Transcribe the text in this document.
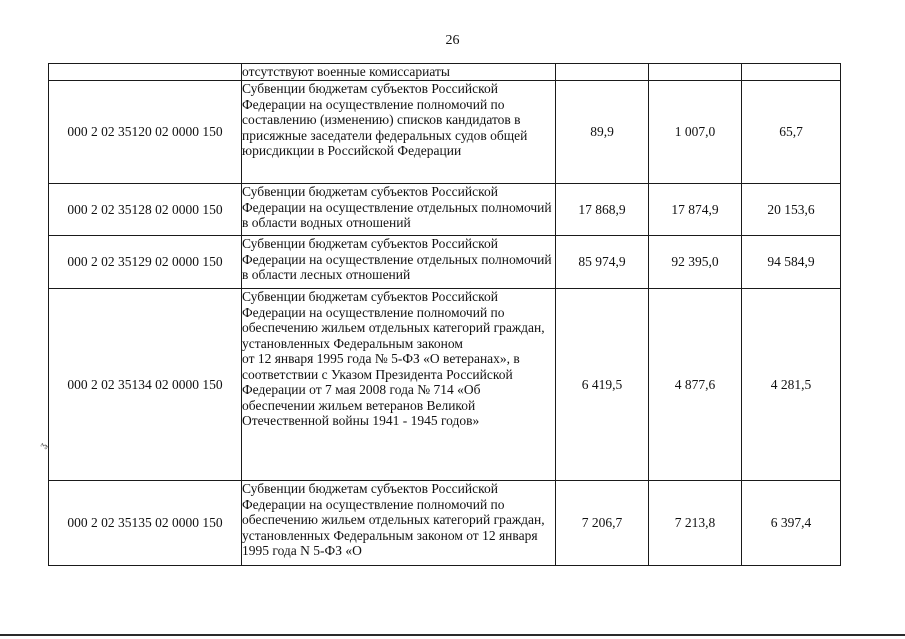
26
	отсутствуют военные комиссариаты			
000 2 02 35120 02 0000 150	Субвенции бюджетам субъектов Российской Федерации на осуществление полномочий по составлению (изменению) списков кандидатов в присяжные заседатели федеральных судов общей юрисдикции в Российской Федерации	89,9	1 007,0	65,7
000 2 02 35128 02 0000 150	Субвенции бюджетам субъектов Российской Федерации на осуществление отдельных полномочий в области водных отношений	17 868,9	17 874,9	20 153,6
000 2 02 35129 02 0000 150	Субвенции бюджетам субъектов Российской Федерации на осуществление отдельных полномочий в области лесных отношений	85 974,9	92 395,0	94 584,9
000 2 02 35134 02 0000 150	Субвенции бюджетам субъектов Российской Федерации на осуществление полномочий по обеспечению жильем отдельных категорий граждан, установленных Федеральным законом
от 12 января 1995 года № 5-ФЗ «О ветеранах», в соответствии с Указом Президента Российской Федерации от 7 мая 2008 года № 714 «Об обеспечении жильем ветеранов Великой Отечественной войны 1941 - 1945 годов»	6 419,5	4 877,6	4 281,5
000 2 02 35135 02 0000 150	Субвенции бюджетам субъектов Российской Федерации на осуществление полномочий по обеспечению жильем отдельных категорий граждан, установленных Федеральным законом от 12 января 1995 года N 5-ФЗ «О	7 206,7	7 213,8	6 397,4
ʓ
